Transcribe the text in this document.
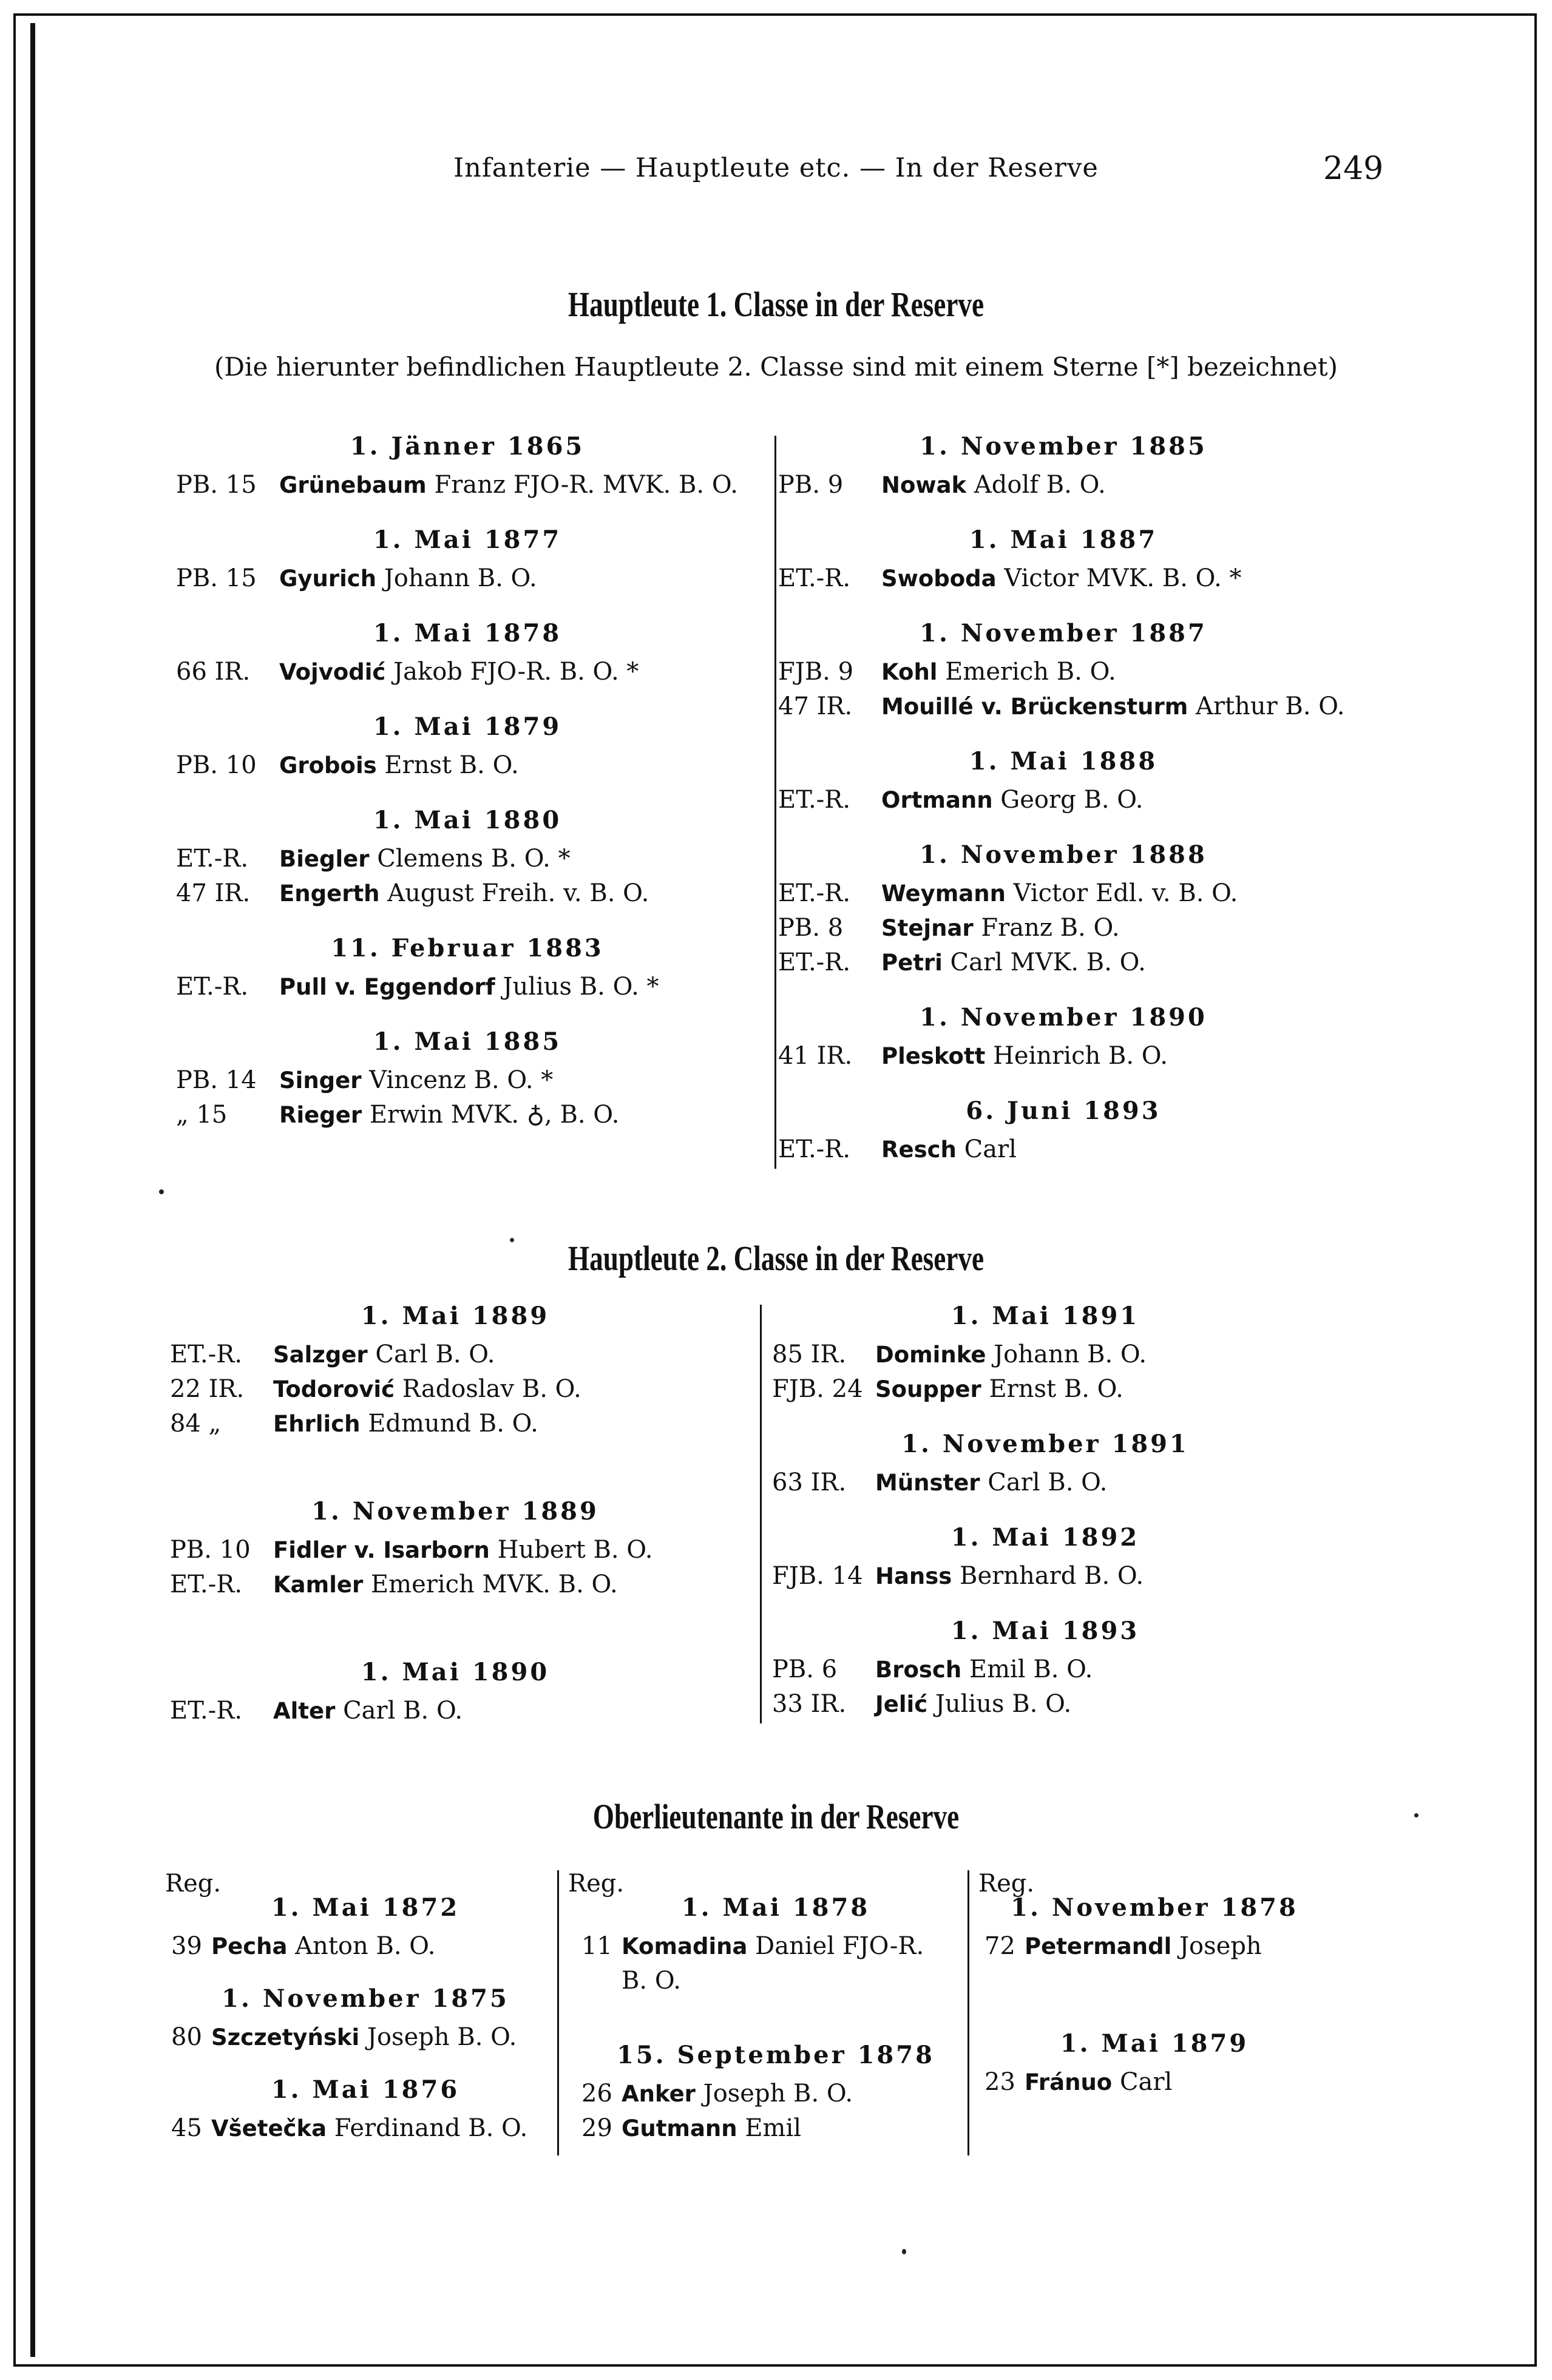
Infanterie — Hauptleute etc. — In der Reserve	249
Hauptleute 1. Classe in der Reserve
(Die hierunter befindlichen Hauptleute 2. Classe sind mit einem Sterne [*] bezeichnet)
1. Jänner 1865
PB. 15 Grünebaum Franz FJO-R. MVK. B. O.
1. Mai 1877
PB. 15 Gyurich Johann B. O.
1. Mai 1878
66 IR. Vojvodić Jakob FJO-R. B. O. *
1. Mai 1879
PB. 10 Grobois Ernst B. O.
1. Mai 1880
ET.-R. Biegler Clemens B. O. *
47 IR. Engerth August Freih. v. B. O.
11. Februar 1883
ET.-R. Pull v. Eggendorf Julius B. O. *
1. Mai 1885
PB. 14 Singer Vincenz B. O. *
„ 15 Rieger Erwin MVK. ♁, B. O.
1. November 1885
PB. 9 Nowak Adolf B. O.
1. Mai 1887
ET.-R. Swoboda Victor MVK. B. O. *
1. November 1887
FJB. 9 Kohl Emerich B. O.
47 IR. Mouillé v. Brückensturm Arthur B. O.
1. Mai 1888
ET.-R. Ortmann Georg B. O.
1. November 1888
ET.-R. Weymann Victor Edl. v. B. O.
PB. 8 Stejnar Franz B. O.
ET.-R. Petri Carl MVK. B. O.
1. November 1890
41 IR. Pleskott Heinrich B. O.
6. Juni 1893
ET.-R. Resch Carl
Hauptleute 2. Classe in der Reserve
1. Mai 1889
ET.-R. Salzger Carl B. O.
22 IR. Todorović Radoslav B. O.
84 „ Ehrlich Edmund B. O.
1. November 1889
PB. 10 Fidler v. Isarborn Hubert B. O.
ET.-R. Kamler Emerich MVK. B. O.
1. Mai 1890
ET.-R. Alter Carl B. O.
1. Mai 1891
85 IR. Dominke Johann B. O.
FJB. 24 Soupper Ernst B. O.
1. November 1891
63 IR. Münster Carl B. O.
1. Mai 1892
FJB. 14 Hanss Bernhard B. O.
1. Mai 1893
PB. 6 Brosch Emil B. O.
33 IR. Jelić Julius B. O.
Oberlieutenante in der Reserve
Reg.	Reg.	Reg.
1. Mai 1872
39 Pecha Anton B. O.
1. November 1875
80 Szczetyński Joseph B. O.
1. Mai 1876
45 Všetečka Ferdinand B. O.
1. Mai 1878
11 Komadina Daniel FJO-R.
B. O.
15. September 1878
26 Anker Joseph B. O.
29 Gutmann Emil
1. November 1878
72 Petermandl Joseph
1. Mai 1879
23 Fránuo Carl
